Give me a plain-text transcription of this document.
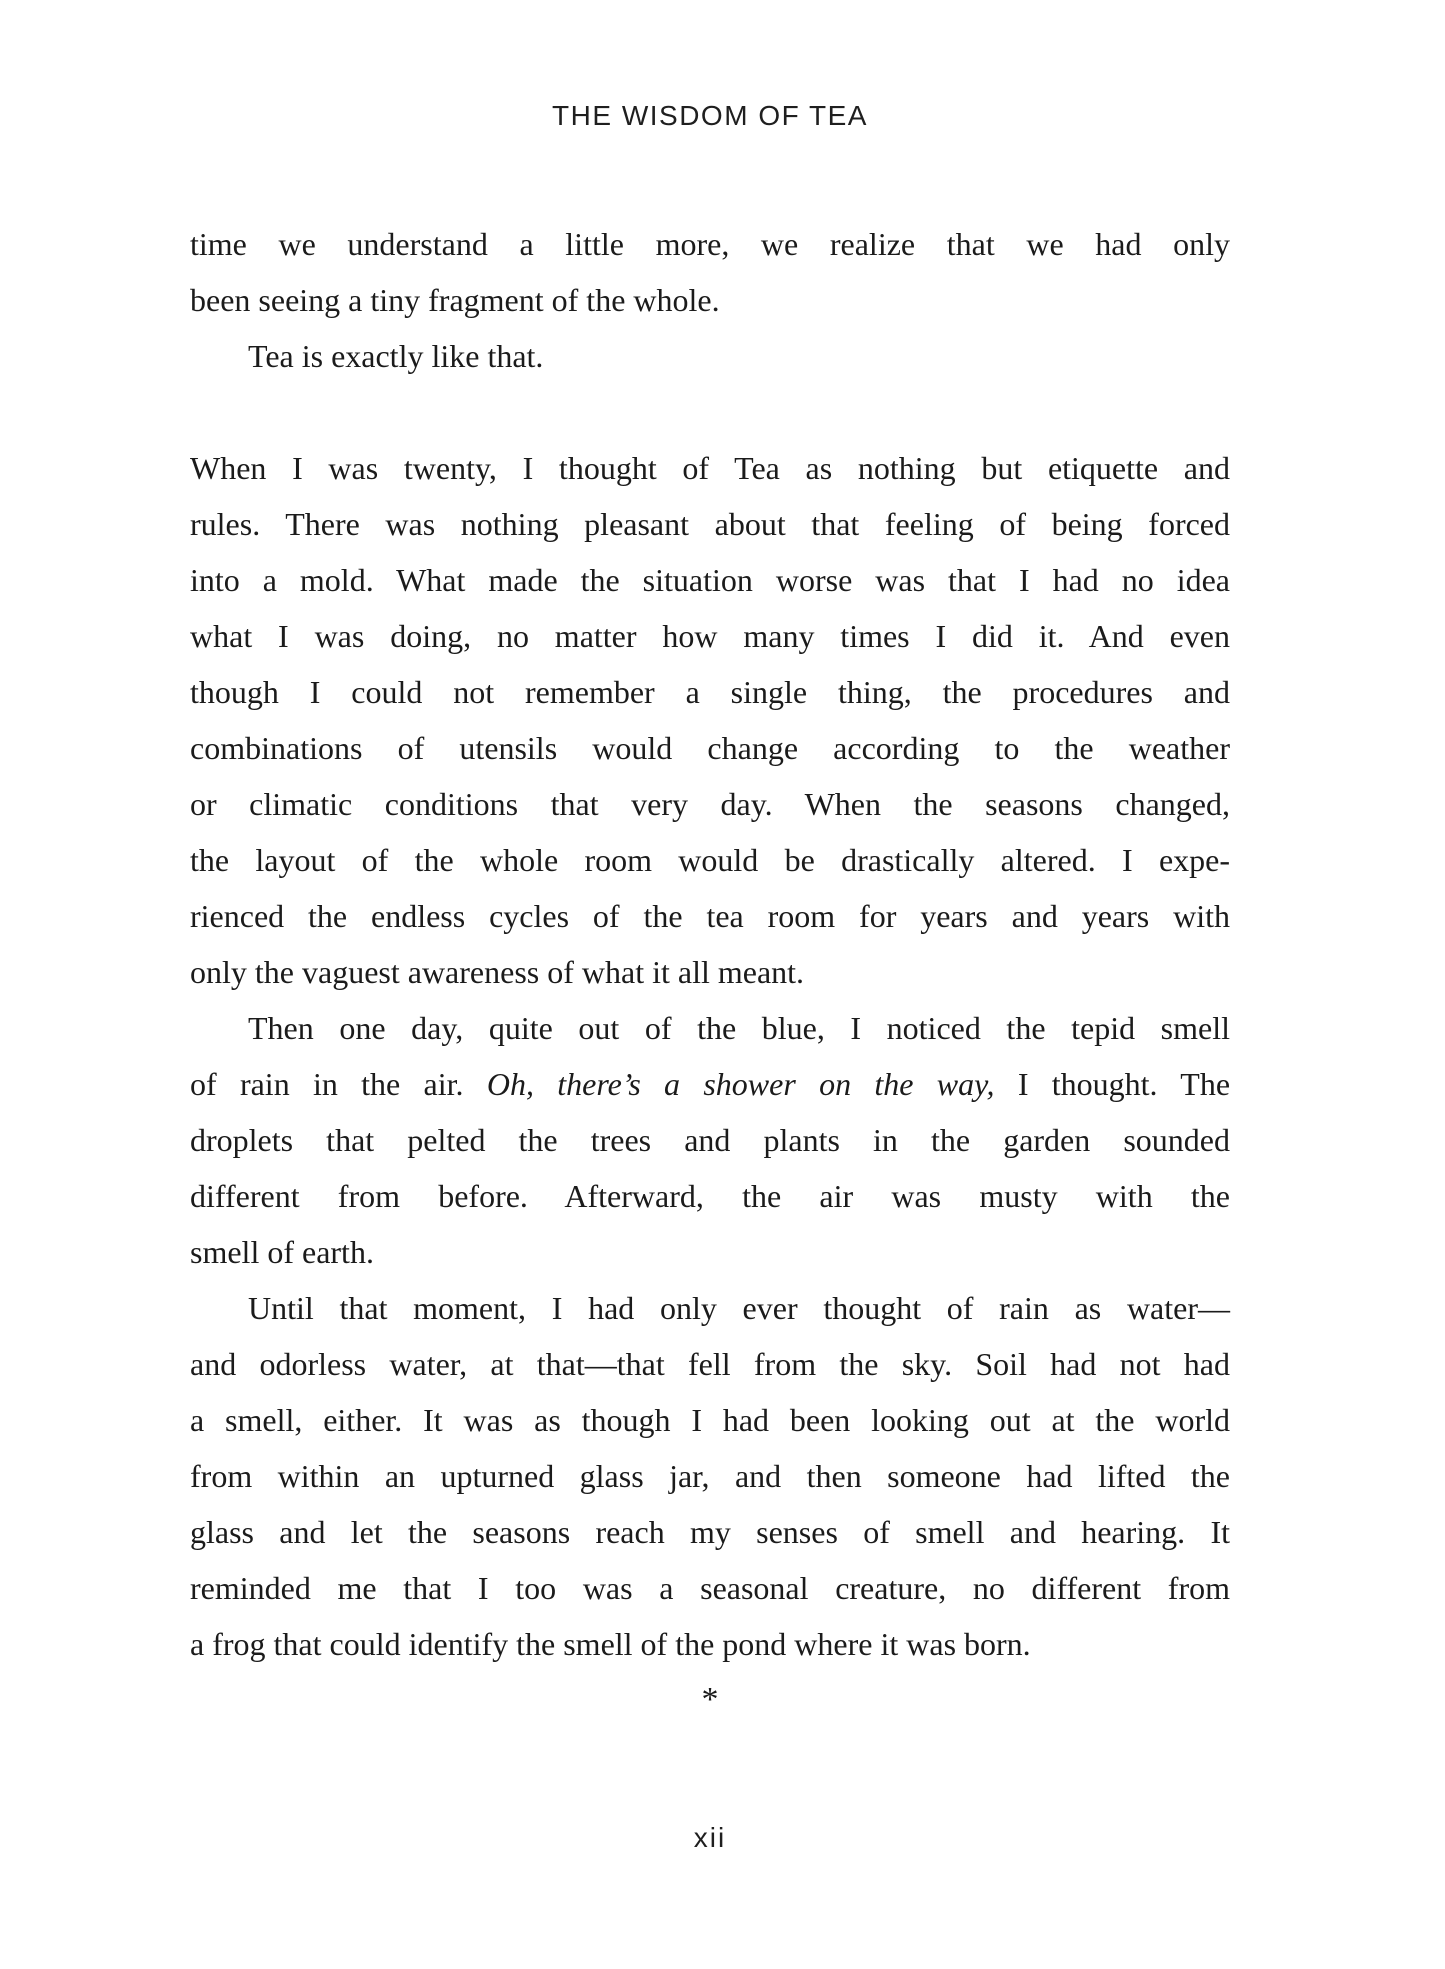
THE WISDOM OF TEA
time we understand a little more, we realize that we had only
been seeing a tiny fragment of the whole.
Tea is exactly like that.
When I was twenty, I thought of Tea as nothing but etiquette and
rules. There was nothing pleasant about that feeling of being forced
into a mold. What made the situation worse was that I had no idea
what I was doing, no matter how many times I did it. And even
though I could not remember a single thing, the procedures and
combinations of utensils would change according to the weather
or climatic conditions that very day. When the seasons changed,
the layout of the whole room would be drastically altered. I expe-
rienced the endless cycles of the tea room for years and years with
only the vaguest awareness of what it all meant.
Then one day, quite out of the blue, I noticed the tepid smell
of rain in the air. Oh, there’s a shower on the way, I thought. The
droplets that pelted the trees and plants in the garden sounded
different from before. Afterward, the air was musty with the
smell of earth.
Until that moment, I had only ever thought of rain as water—
and odorless water, at that—that fell from the sky. Soil had not had
a smell, either. It was as though I had been looking out at the world
from within an upturned glass jar, and then someone had lifted the
glass and let the seasons reach my senses of smell and hearing. It
reminded me that I too was a seasonal creature, no different from
a frog that could identify the smell of the pond where it was born.
*
xii
